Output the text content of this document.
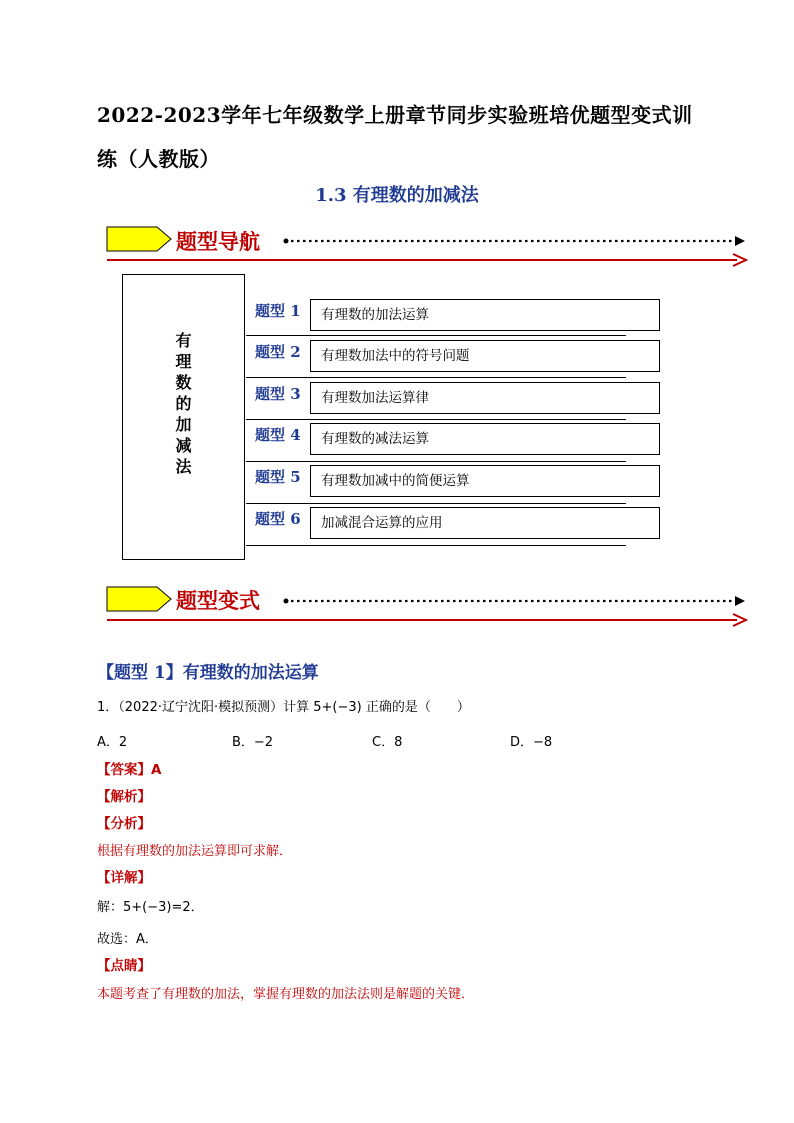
2022-2023学年七年级数学上册章节同步实验班培优题型变式训练（人教版）
1.3 有理数的加减法
题型导航
有
理
数
的
加
减
法
题型 1	有理数的加法运算
题型 2	有理数加法中的符号问题
题型 3	有理数加法运算律
题型 4	有理数的减法运算
题型 5	有理数加减中的简便运算
题型 6	加减混合运算的应用
题型变式
【题型 1】有理数的加法运算
1．（2022·辽宁沈阳·模拟预测）计算 5+(−3) 正确的是（　　）
A．2	B．−2	C．8	D．−8
【答案】A
【解析】
【分析】
根据有理数的加法运算即可求解．
【详解】
解：5+(−3)=2．
故选：A．
【点睛】
本题考查了有理数的加法，掌握有理数的加法法则是解题的关键．
